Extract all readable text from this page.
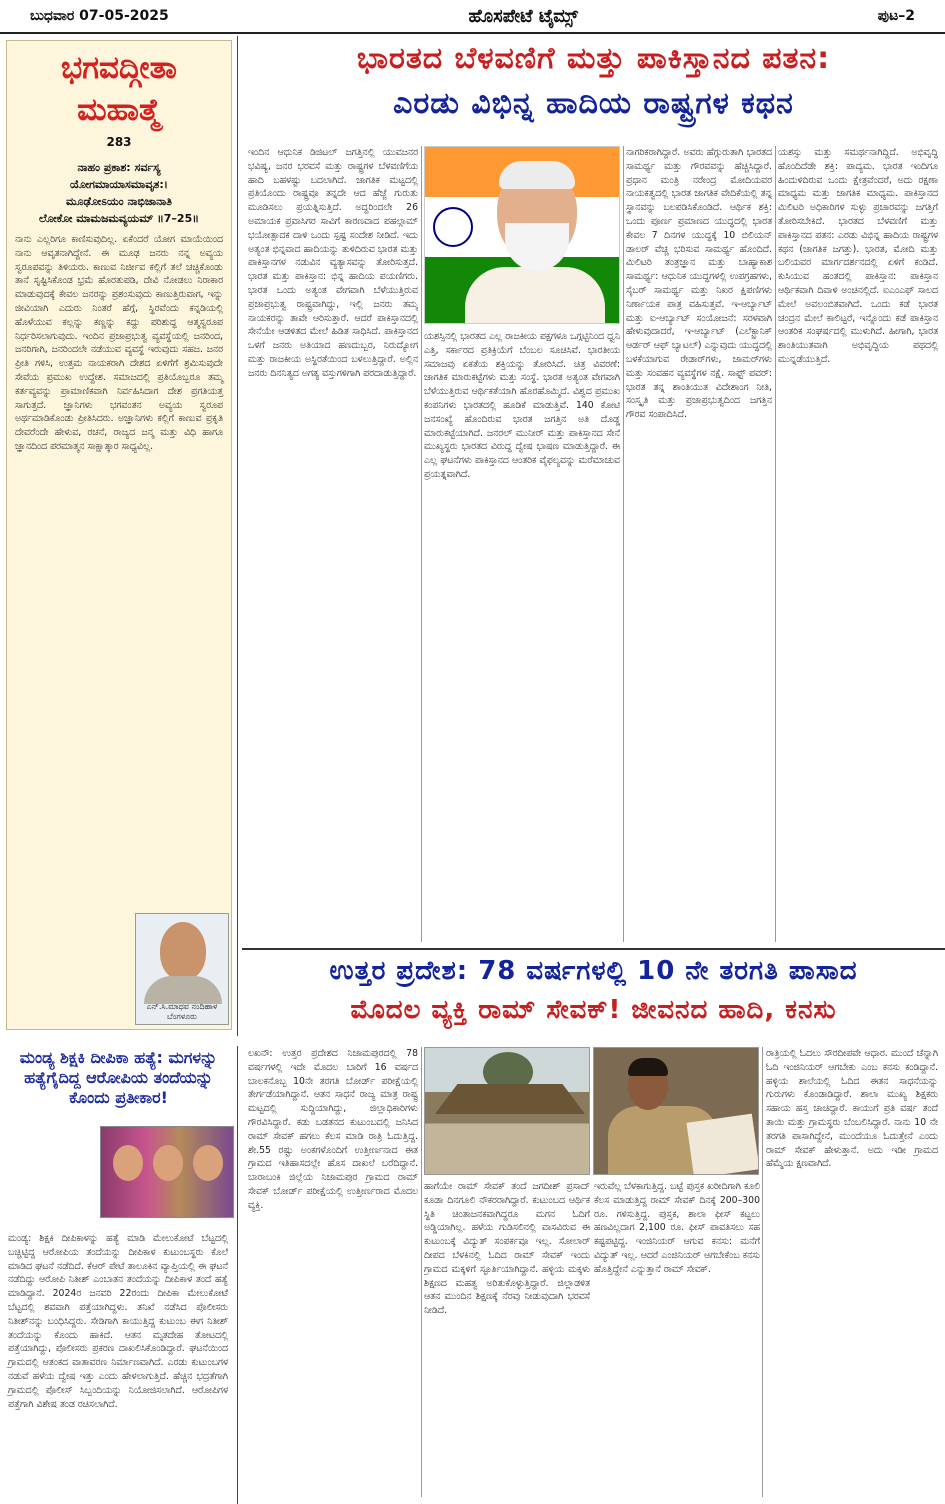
ಬುಧವಾರ 07-05-2025	ಹೊಸಪೇಟೆ ಟೈಮ್ಸ್	ಪುಟ–2
ಭಗವದ್ಗೀತಾ
ಮಹಾತ್ಮೆ
283
ನಾಹಂ ಪ್ರಕಾಶ: ಸರ್ವಸ್ಯ
ಯೋಗಮಾಯಾಸಮಾವೃತ:।
ಮೂಢೋಽಯಂ ನಾಭಿಜಾನಾತಿ
ಲೋಕೋ ಮಾಮಜಮವ್ಯಯಮ್ ॥7–25॥
ನಾನು ಎಲ್ಲರಿಗೂ ಕಾಣಿಸುವುದಿಲ್ಲ. ಏಕೆಂದರೆ ಯೋಗ ಮಾಯೆಯಿಂದ ನಾನು ಆವೃತನಾಗಿದ್ದೇನೆ. ಈ ಮೂಢ ಜನರು ನನ್ನ ಅವ್ಯಯ ಸ್ವರೂಪವನ್ನು ತಿಳಿಯರು. ಕಾಣುವ ನಿರ್ಜೀವ ಕಲ್ಲಿಗೆ ತಲೆ ಚಚ್ಚಿಕೊಂಡು ತಾನೆ ಸೃಷ್ಟಿಸಿಕೊಂಡ ಭ್ರಮೆ ಹೊರತುಪಡಿ, ದೇವಿ ನೋಡಲು ನಿರಾಕಾರ ಮಾಡುವುದಕ್ಕೆ ಕೇವಲ ಜನರನ್ನು ಪ್ರಶಂಸುವುದು ಕಾಣುತ್ತಿರುವಾಗ, ಇನ್ನು ಜೀವಿಯಾಗಿ ಎದುರು ನಿಂತರೆ ಹೆಗ್ಗೆ, ಸ್ಥಿರವೆಂದು ಕನ್ನಡಿಯಲ್ಲಿ ಹೊಳೆಯುವ ಕಲ್ಲನ್ನು ಕಣ್ಣನ್ನು ಕದ್ದು ಪರಿಶುದ್ಧ ಆತ್ಮಸ್ವರೂಪ ನಿರ್ಧರಿಸಲಾಗುವುದು. ಇಂದಿನ ಪ್ರಜಾಪ್ರಭುತ್ವ ವ್ಯವಸ್ಥೆಯಲ್ಲಿ ಜನರಿಂದ, ಜನರಿಗಾಗಿ, ಜನರಿಂದಲೇ ನಡೆಯುವ ವ್ಯವಸ್ಥೆ ಇರುವುದು ಸಹಜ. ಜನರ ಪ್ರೀತಿ ಗಳಿಸಿ, ಉತ್ತಮ ನಾಯಕರಾಗಿ ದೇಶದ ಏಳಿಗೆಗೆ ಶ್ರಮಿಸುವುದೇ ಸೇವೆಯ ಪ್ರಮುಖ ಉದ್ದೇಶ. ಸಮಾಜದಲ್ಲಿ ಪ್ರತಿಯೊಬ್ಬರೂ ತಮ್ಮ ಕರ್ತವ್ಯವನ್ನು ಪ್ರಾಮಾಣಿಕವಾಗಿ ನಿರ್ವಹಿಸಿದಾಗ ದೇಶ ಪ್ರಗತಿಯತ್ತ ಸಾಗುತ್ತದೆ. ಜ್ಞಾನಿಗಳು ಭಗವಂತನ ಅವ್ಯಯ ಸ್ವರೂಪ ಅರ್ಥಮಾಡಿಕೊಂಡು ಪ್ರೀತಿಸಿದರು. ಅಜ್ಞಾನಿಗಳು ಕಲ್ಲಿಗೆ ಕಾಣುವ ಪ್ರಕೃತಿ ದೇವರೆಂದೇ ಹೇಳುವ, ರಚನೆ, ರಾಜ್ಯದ ಜನ್ಮ ಮತ್ತು ವಿಧಿ ಹಾಗೂ ಜ್ಞಾನದಿಂದ ಪರಮಾತ್ಮನ ಸಾಕ್ಷಾತ್ಕಾರ ಸಾಧ್ಯವಿಲ್ಲ.
ಎನ್.ಸಿ.ಮಾಧವ ನಂದಿಹಾಳ
ಬೆಂಗಳೂರು
ಮಂಡ್ಯ ಶಿಕ್ಷಕಿ ದೀಪಿಕಾ ಹತ್ಯೆ: ಮಗಳನ್ನು ಹತ್ಯೆಗೈದಿದ್ದ ಆರೋಪಿಯ ತಂದೆಯನ್ನು ಕೊಂದು ಪ್ರತೀಕಾರ!
ಮಂಡ್ಯ: ಶಿಕ್ಷಕಿ ದೀಪಿಕಾಳನ್ನು ಹತ್ಯೆ ಮಾಡಿ ಮೇಲುಕೋಟೆ ಬೆಟ್ಟದಲ್ಲಿ ಬಚ್ಚಿಟ್ಟಿದ್ದ ಆರೋಪಿಯ ತಂದೆಯನ್ನು ದೀಪಿಕಾಳ ಕುಟುಂಬಸ್ಥರು ಕೊಲೆ ಮಾಡಿದ ಘಟನೆ ನಡೆದಿದೆ. ಕೆಆರ್ ಪೇಟೆ ತಾಲೂಕಿನ ವ್ಯಾಪ್ತಿಯಲ್ಲಿ ಈ ಘಟನೆ ನಡೆದಿದ್ದು ಆರೋಪಿ ನಿತೀಶ್ ಎಂಬಾತನ ತಂದೆಯನ್ನು ದೀಪಿಕಾಳ ತಂದೆ ಹತ್ಯೆ ಮಾಡಿದ್ದಾನೆ. 2024ರ ಜನವರಿ 22ರಂದು ದೀಪಿಕಾ ಮೇಲುಕೋಟೆ ಬೆಟ್ಟದಲ್ಲಿ ಶವವಾಗಿ ಪತ್ತೆಯಾಗಿದ್ದಳು. ತನಿಖೆ ನಡೆಸಿದ ಪೊಲೀಸರು ನಿತೀಶ್‌ನನ್ನು ಬಂಧಿಸಿದ್ದರು. ಸೇಡಿಗಾಗಿ ಕಾಯುತ್ತಿದ್ದ ಕುಟುಂಬ ಈಗ ನಿತೀಶ್ ತಂದೆಯನ್ನು ಕೊಂದು ಹಾಕಿದೆ. ಆತನ ಮೃತದೇಹ ತೋಟದಲ್ಲಿ ಪತ್ತೆಯಾಗಿದ್ದು, ಪೊಲೀಸರು ಪ್ರಕರಣ ದಾಖಲಿಸಿಕೊಂಡಿದ್ದಾರೆ. ಘಟನೆಯಿಂದ ಗ್ರಾಮದಲ್ಲಿ ಆತಂಕದ ವಾತಾವರಣ ನಿರ್ಮಾಣವಾಗಿದೆ. ಎರಡು ಕುಟುಂಬಗಳ ನಡುವೆ ಹಳೆಯ ದ್ವೇಷ ಇತ್ತು ಎಂದು ಹೇಳಲಾಗುತ್ತಿದೆ. ಹೆಚ್ಚಿನ ಭದ್ರತೆಗಾಗಿ ಗ್ರಾಮದಲ್ಲಿ ಪೊಲೀಸ್ ಸಿಬ್ಬಂದಿಯನ್ನು ನಿಯೋಜಿಸಲಾಗಿದೆ. ಆರೋಪಿಗಳ ಪತ್ತೆಗಾಗಿ ವಿಶೇಷ ತಂಡ ರಚಿಸಲಾಗಿದೆ.
ಭಾರತದ ಬೆಳವಣಿಗೆ ಮತ್ತು ಪಾಕಿಸ್ತಾನದ ಪತನ:
ಎರಡು ವಿಭಿನ್ನ ಹಾದಿಯ ರಾಷ್ಟ್ರಗಳ ಕಥನ
ಇಂದಿನ ಆಧುನಿಕ ಡಿಜಿಟಲ್ ಜಗತ್ತಿನಲ್ಲಿ ಯುವಜನರ ಭವಿಷ್ಯ, ಜನರ ಭರವಸೆ ಮತ್ತು ರಾಷ್ಟ್ರಗಳ ಬೆಳವಣಿಗೆಯ ಹಾದಿ ಬಹಳಷ್ಟು ಬದಲಾಗಿದೆ. ಜಾಗತಿಕ ಮಟ್ಟದಲ್ಲಿ ಪ್ರತಿಯೊಂದು ರಾಷ್ಟ್ರವೂ ತನ್ನದೇ ಆದ ಹೆಜ್ಜೆ ಗುರುತು ಮೂಡಿಸಲು ಪ್ರಯತ್ನಿಸುತ್ತಿದೆ. ಅದ್ದರಿಂದಲೇ 26 ಅಮಾಯಕ ಪ್ರವಾಸಿಗರ ಸಾವಿಗೆ ಕಾರಣವಾದ ಪಹಲ್ಗಾಮ್ ಭಯೋತ್ಪಾದಕ ದಾಳಿ ಒಂದು ಸ್ಪಷ್ಟ ಸಂದೇಶ ನೀಡಿದೆ. ಇದು ಅತ್ಯಂತ ಭಿನ್ನವಾದ ಹಾದಿಯನ್ನು ತುಳಿದಿರುವ ಭಾರತ ಮತ್ತು ಪಾಕಿಸ್ತಾನಗಳ ನಡುವಿನ ವ್ಯತ್ಯಾಸವನ್ನು ತೋರಿಸುತ್ತದೆ. ಭಾರತ ಮತ್ತು ಪಾಕಿಸ್ತಾನ: ಭಿನ್ನ ಹಾದಿಯ ಪಯಣಿಗರು. ಭಾರತ ಒಂದು ಅತ್ಯಂತ ವೇಗವಾಗಿ ಬೆಳೆಯುತ್ತಿರುವ ಪ್ರಜಾಪ್ರಭುತ್ವ ರಾಷ್ಟ್ರವಾಗಿದ್ದು, ಇಲ್ಲಿ ಜನರು ತಮ್ಮ ನಾಯಕರನ್ನು ತಾವೇ ಆರಿಸುತ್ತಾರೆ. ಆದರೆ ಪಾಕಿಸ್ತಾನದಲ್ಲಿ ಸೇನೆಯೇ ಆಡಳಿತದ ಮೇಲೆ ಹಿಡಿತ ಸಾಧಿಸಿದೆ. ಪಾಕಿಸ್ತಾನದ ಒಳಗೆ ಜನರು ಅತಿಯಾದ ಹಣದುಬ್ಬರ, ನಿರುದ್ಯೋಗ ಮತ್ತು ರಾಜಕೀಯ ಅಸ್ಥಿರತೆಯಿಂದ ಬಳಲುತ್ತಿದ್ದಾರೆ. ಅಲ್ಲಿನ ಜನರು ದಿನನಿತ್ಯದ ಅಗತ್ಯ ವಸ್ತುಗಳಿಗಾಗಿ ಪರದಾಡುತ್ತಿದ್ದಾರೆ.
ಯಶಸ್ಸಿನಲ್ಲಿ ಭಾರತದ ಎಲ್ಲ ರಾಜಕೀಯ ಪಕ್ಷಗಳೂ ಒಗ್ಗಟ್ಟಿನಿಂದ ಧ್ವನಿ ಎತ್ತಿ, ಸರ್ಕಾರದ ಪ್ರತಿಕ್ರಿಯೆಗೆ ಬೆಂಬಲ ಸೂಚಿಸಿವೆ. ಭಾರತೀಯ ಸಮಾಜವು ಏಕತೆಯ ಶಕ್ತಿಯನ್ನು ತೋರಿಸಿದೆ. ಚಿತ್ರ ವಿವರಣೆ: ಜಾಗತಿಕ ಮಾರುಕಟ್ಟೆಗಳು ಮತ್ತು ಸಂಸ್ಥೆ. ಭಾರತ ಅತ್ಯಂತ ವೇಗವಾಗಿ ಬೆಳೆಯುತ್ತಿರುವ ಆರ್ಥಿಕತೆಯಾಗಿ ಹೊರಹೊಮ್ಮಿದೆ. ವಿಶ್ವದ ಪ್ರಮುಖ ಕಂಪನಿಗಳು ಭಾರತದಲ್ಲಿ ಹೂಡಿಕೆ ಮಾಡುತ್ತಿವೆ. 140 ಕೋಟಿ ಜನಸಂಖ್ಯೆ ಹೊಂದಿರುವ ಭಾರತ ಜಗತ್ತಿನ ಅತಿ ದೊಡ್ಡ ಮಾರುಕಟ್ಟೆಯಾಗಿದೆ. ಜನರಲ್ ಮುನೀರ್ ಮತ್ತು ಪಾಕಿಸ್ತಾನದ ಸೇನೆ ಮುಖ್ಯಸ್ಥರು ಭಾರತದ ವಿರುದ್ಧ ದ್ವೇಷ ಭಾಷಣ ಮಾಡುತ್ತಿದ್ದಾರೆ. ಈ ಎಲ್ಲ ಘಟನೆಗಳು ಪಾಕಿಸ್ತಾನದ ಆಂತರಿಕ ವೈಫಲ್ಯವನ್ನು ಮರೆಮಾಚುವ ಪ್ರಯತ್ನವಾಗಿದೆ.
ನಾಗರಿಕರಾಗಿದ್ದಾರೆ. ಅವರು ಹೆಗ್ಗುರುತಾಗಿ ಭಾರತದ ಸಾಮರ್ಥ್ಯ ಮತ್ತು ಗೌರವವನ್ನು ಹೆಚ್ಚಿಸಿದ್ದಾರೆ. ಪ್ರಧಾನ ಮಂತ್ರಿ ನರೇಂದ್ರ ಮೋದಿಯವರ ನಾಯಕತ್ವದಲ್ಲಿ ಭಾರತ ಜಾಗತಿಕ ವೇದಿಕೆಯಲ್ಲಿ ತನ್ನ ಸ್ಥಾನವನ್ನು ಬಲಪಡಿಸಿಕೊಂಡಿದೆ. ಆರ್ಥಿಕ ಶಕ್ತಿ: ಒಂದು ಪೂರ್ಣ ಪ್ರಮಾಣದ ಯುದ್ಧದಲ್ಲಿ ಭಾರತ ಕೇವಲ 7 ದಿನಗಳ ಯುದ್ಧಕ್ಕೆ 10 ಬಿಲಿಯನ್ ಡಾಲರ್ ವೆಚ್ಚ ಭರಿಸುವ ಸಾಮರ್ಥ್ಯ ಹೊಂದಿದೆ. ಮಿಲಿಟರಿ ತಂತ್ರಜ್ಞಾನ ಮತ್ತು ಬಾಹ್ಯಾಕಾಶ ಸಾಮರ್ಥ್ಯ: ಆಧುನಿಕ ಯುದ್ಧಗಳಲ್ಲಿ ಉಪಗ್ರಹಗಳು, ಸೈಬರ್ ಸಾಮರ್ಥ್ಯ ಮತ್ತು ನಿಖರ ಕ್ಷಿಪಣಿಗಳು ನಿರ್ಣಾಯಕ ಪಾತ್ರ ವಹಿಸುತ್ತವೆ. ಇ-ಆರ್ಬ್ಯಾಟ್ ಮತ್ತು ಐ-ಆರ್ಬ್ಯಾಟ್ ಸಂಯೋಜನೆ: ಸರಳವಾಗಿ ಹೇಳುವುದಾದರೆ, ಇ-ಆರ್ಬ್ಯಾಟ್ (ಎಲೆಕ್ಟ್ರಾನಿಕ್ ಆರ್ಡರ್ ಆಫ್ ಬ್ಯಾಟಲ್) ಎನ್ನುವುದು ಯುದ್ಧದಲ್ಲಿ ಬಳಕೆಯಾಗುವ ರೇಡಾರ್‌ಗಳು, ಜಾಮರ್‌ಗಳು ಮತ್ತು ಸಂವಹನ ವ್ಯವಸ್ಥೆಗಳ ನಕ್ಷೆ. ಸಾಫ್ಟ್ ಪವರ್: ಭಾರತ ತನ್ನ ಶಾಂತಿಯುತ ವಿದೇಶಾಂಗ ನೀತಿ, ಸಂಸ್ಕೃತಿ ಮತ್ತು ಪ್ರಜಾಪ್ರಭುತ್ವದಿಂದ ಜಗತ್ತಿನ ಗೌರವ ಸಂಪಾದಿಸಿದೆ.
ಯಶಸ್ಸು ಮತ್ತು ಸಮರ್ಥನಾಗಿದ್ದಿದೆ. ಅಭಿವೃದ್ಧಿ ಹೊಂದಿದೆಡೇ ಶಕ್ತಿ: ಪಾದ್ಯಮ. ಭಾರತ ಇಂದಿಗೂ ಹಿಂದುಳಿದಿರುವ ಒಂದು ಕ್ಷೇತ್ರವೆಂದರೆ, ಅದು ರಕ್ಷಣಾ ಮಾಧ್ಯಮ ಮತ್ತು ಜಾಗತಿಕ ಮಾಧ್ಯಮ. ಪಾಕಿಸ್ತಾನದ ಮಿಲಿಟರಿ ಅಧಿಕಾರಿಗಳ ಸುಳ್ಳು ಪ್ರಚಾರವನ್ನು ಜಗತ್ತಿಗೆ ತೋರಿಸಬೇಕಿದೆ. ಭಾರತದ ಬೆಳವಣಿಗೆ ಮತ್ತು ಪಾಕಿಸ್ತಾನದ ಪತನ: ಎರಡು ವಿಭಿನ್ನ ಹಾದಿಯ ರಾಷ್ಟ್ರಗಳ ಕಥನ (ಜಾಗತಿಕ ಜಗತ್ತು). ಭಾರತ, ಮೋದಿ ಮತ್ತು ಬಲಿಯವರ ಮಾರ್ಗದರ್ಶನದಲ್ಲಿ ಏಳಿಗೆ ಕಂಡಿದೆ. ಕುಸಿಯುವ ಹಂತದಲ್ಲಿ ಪಾಕಿಸ್ತಾನ: ಪಾಕಿಸ್ತಾನ ಆರ್ಥಿಕವಾಗಿ ದಿವಾಳಿ ಅಂಚಿನಲ್ಲಿದೆ. ಐಎಂಎಫ್ ಸಾಲದ ಮೇಲೆ ಅವಲಂಬಿತವಾಗಿದೆ. ಒಂದು ಕಡೆ ಭಾರತ ಚಂದ್ರನ ಮೇಲೆ ಕಾಲಿಟ್ಟರೆ, ಇನ್ನೊಂದು ಕಡೆ ಪಾಕಿಸ್ತಾನ ಆಂತರಿಕ ಸಂಘರ್ಷದಲ್ಲಿ ಮುಳುಗಿದೆ. ಹೀಗಾಗಿ, ಭಾರತ ಶಾಂತಿಯುತವಾಗಿ ಅಭಿವೃದ್ಧಿಯ ಪಥದಲ್ಲಿ ಮುನ್ನಡೆಯುತ್ತಿದೆ.
ಉತ್ತರ ಪ್ರದೇಶ: 78 ವರ್ಷಗಳಲ್ಲಿ 10 ನೇ ತರಗತಿ ಪಾಸಾದ
ಮೊದಲ ವ್ಯಕ್ತಿ ರಾಮ್ ಸೇವಕ್! ಜೀವನದ ಹಾದಿ, ಕನಸು
ಲಖನೌ: ಉತ್ತರ ಪ್ರದೇಶದ ನಿಜಾಮಪುರದಲ್ಲಿ 78 ವರ್ಷಗಳಲ್ಲಿ ಇದೇ ಮೊದಲ ಬಾರಿಗೆ 16 ವರ್ಷದ ಬಾಲಕನೊಬ್ಬ 10ನೇ ತರಗತಿ ಬೋರ್ಡ್ ಪರೀಕ್ಷೆಯಲ್ಲಿ ತೇರ್ಗಡೆಯಾಗಿದ್ದಾನೆ. ಆತನ ಸಾಧನೆ ರಾಜ್ಯ ಮಾತ್ರ ರಾಷ್ಟ್ರ ಮಟ್ಟದಲ್ಲಿ ಸುದ್ದಿಯಾಗಿದ್ದು, ಜಿಲ್ಲಾಧಿಕಾರಿಗಳು ಗೌರವಿಸಿದ್ದಾರೆ. ಕಡು ಬಡತನದ ಕುಟುಂಬದಲ್ಲಿ ಜನಿಸಿದ ರಾಮ್ ಸೇವಕ್ ಹಗಲು ಕೆಲಸ ಮಾಡಿ ರಾತ್ರಿ ಓದುತ್ತಿದ್ದ. ಶೇ.55 ರಷ್ಟು ಅಂಕಗಳೊಂದಿಗೆ ಉತ್ತೀರ್ಣನಾದ ಈತ ಗ್ರಾಮದ ಇತಿಹಾಸದಲ್ಲೇ ಹೊಸ ದಾಖಲೆ ಬರೆದಿದ್ದಾನೆ. ಬಾರಾಬಂಕಿ ಜಿಲ್ಲೆಯ ನಿಜಾಮಪುರ ಗ್ರಾಮದ ರಾಮ್ ಸೇವಕ್ ಬೋರ್ಡ್ ಪರೀಕ್ಷೆಯಲ್ಲಿ ಉತ್ತೀರ್ಣರಾದ ಮೊದಲ ವ್ಯಕ್ತಿ.
ಹಾಗೆಯೇ ರಾಮ್ ಸೇವಕ್ ತಂದೆ ಜಗದೀಶ್ ಪ್ರಸಾದ್ ಕೂಡಾ ದಿನಗೂಲಿ ನೌಕರರಾಗಿದ್ದಾರೆ. ಕುಟುಂಬದ ಆರ್ಥಿಕ ಸ್ಥಿತಿ ಚಿಂತಾಜನಕವಾಗಿದ್ದರೂ ಮಗನ ಓದಿಗೆ ಅಡ್ಡಿಯಾಗಿಲ್ಲ. ಹಳೆಯ ಗುಡಿಸಲಿನಲ್ಲಿ ವಾಸವಿರುವ ಈ ಕುಟುಂಬಕ್ಕೆ ವಿದ್ಯುತ್ ಸಂಪರ್ಕವೂ ಇಲ್ಲ. ಸೋಲಾರ್ ದೀಪದ ಬೆಳಕಿನಲ್ಲಿ ಓದಿದ ರಾಮ್ ಸೇವಕ್ ಇಂದು ಗ್ರಾಮದ ಮಕ್ಕಳಿಗೆ ಸ್ಫೂರ್ತಿಯಾಗಿದ್ದಾನೆ. ಹಳ್ಳಿಯ ಮಕ್ಕಳು ಶಿಕ್ಷಣದ ಮಹತ್ವ ಅರಿತುಕೊಳ್ಳುತ್ತಿದ್ದಾರೆ. ಜಿಲ್ಲಾಡಳಿತ ಆತನ ಮುಂದಿನ ಶಿಕ್ಷಣಕ್ಕೆ ನೆರವು ನೀಡುವುದಾಗಿ ಭರವಸೆ ನೀಡಿದೆ.
ಇರುವೆಲ್ಲ ಬೆಳಕಾಗುತ್ತಿದ್ದ. ಬಟ್ಟೆ ಪುಸ್ತಕ ಖರೀದಿಗಾಗಿ ಕೂಲಿ ಕೆಲಸ ಮಾಡುತ್ತಿದ್ದ ರಾಮ್ ಸೇವಕ್ ದಿನಕ್ಕೆ 200–300 ರೂ. ಗಳಿಸುತ್ತಿದ್ದ. ಪುಸ್ತಕ, ಶಾಲಾ ಫೀಸ್ ಕಟ್ಟಲು ಹಣವಿಲ್ಲದಾಗ 2,100 ರೂ. ಫೀಸ್ ಪಾವತಿಸಲು ಸಹ ಕಷ್ಟಪಟ್ಟಿದ್ದ. ಇಂಜಿನಿಯರ್ ಆಗುವ ಕನಸು: ಮನೆಗೆ ವಿದ್ಯುತ್ ಇಲ್ಲ. ಆದರೆ ಎಂಜಿನಿಯರ್ ಆಗಬೇಕೆಂಬ ಕನಸು ಹೊತ್ತಿದ್ದೇನೆ ಎನ್ನುತ್ತಾನೆ ರಾಮ್ ಸೇವಕ್.
ರಾತ್ರಿಯಲ್ಲಿ ಓದಲು ಸೌರದೀಪವೇ ಆಧಾರ. ಮುಂದೆ ಚೆನ್ನಾಗಿ ಓದಿ ಇಂಜಿನಿಯರ್ ಆಗಬೇಕು ಎಂಬ ಕನಸು ಕಂಡಿದ್ದಾನೆ. ಹಳ್ಳಿಯ ಶಾಲೆಯಲ್ಲಿ ಓದಿದ ಈತನ ಸಾಧನೆಯನ್ನು ಗುರುಗಳು ಕೊಂಡಾಡಿದ್ದಾರೆ. ಶಾಲಾ ಮುಖ್ಯ ಶಿಕ್ಷಕರು ಸಹಾಯ ಹಸ್ತ ಚಾಚಿದ್ದಾರೆ. ಕಾಯುಗೆ ಪ್ರತಿ ವರ್ಷ ತಂದೆ ತಾಯಿ ಮತ್ತು ಗ್ರಾಮಸ್ಥರು ಬೆಂಬಲಿಸಿದ್ದಾರೆ. ನಾನು 10 ನೇ ತರಗತಿ ಪಾಸಾಗಿದ್ದೇನೆ, ಮುಂದೆಯೂ ಓದುತ್ತೇನೆ ಎಂದು ರಾಮ್ ಸೇವಕ್ ಹೇಳುತ್ತಾನೆ. ಅದು ಇಡೀ ಗ್ರಾಮದ ಹೆಮ್ಮೆಯ ಕ್ಷಣವಾಗಿದೆ.
